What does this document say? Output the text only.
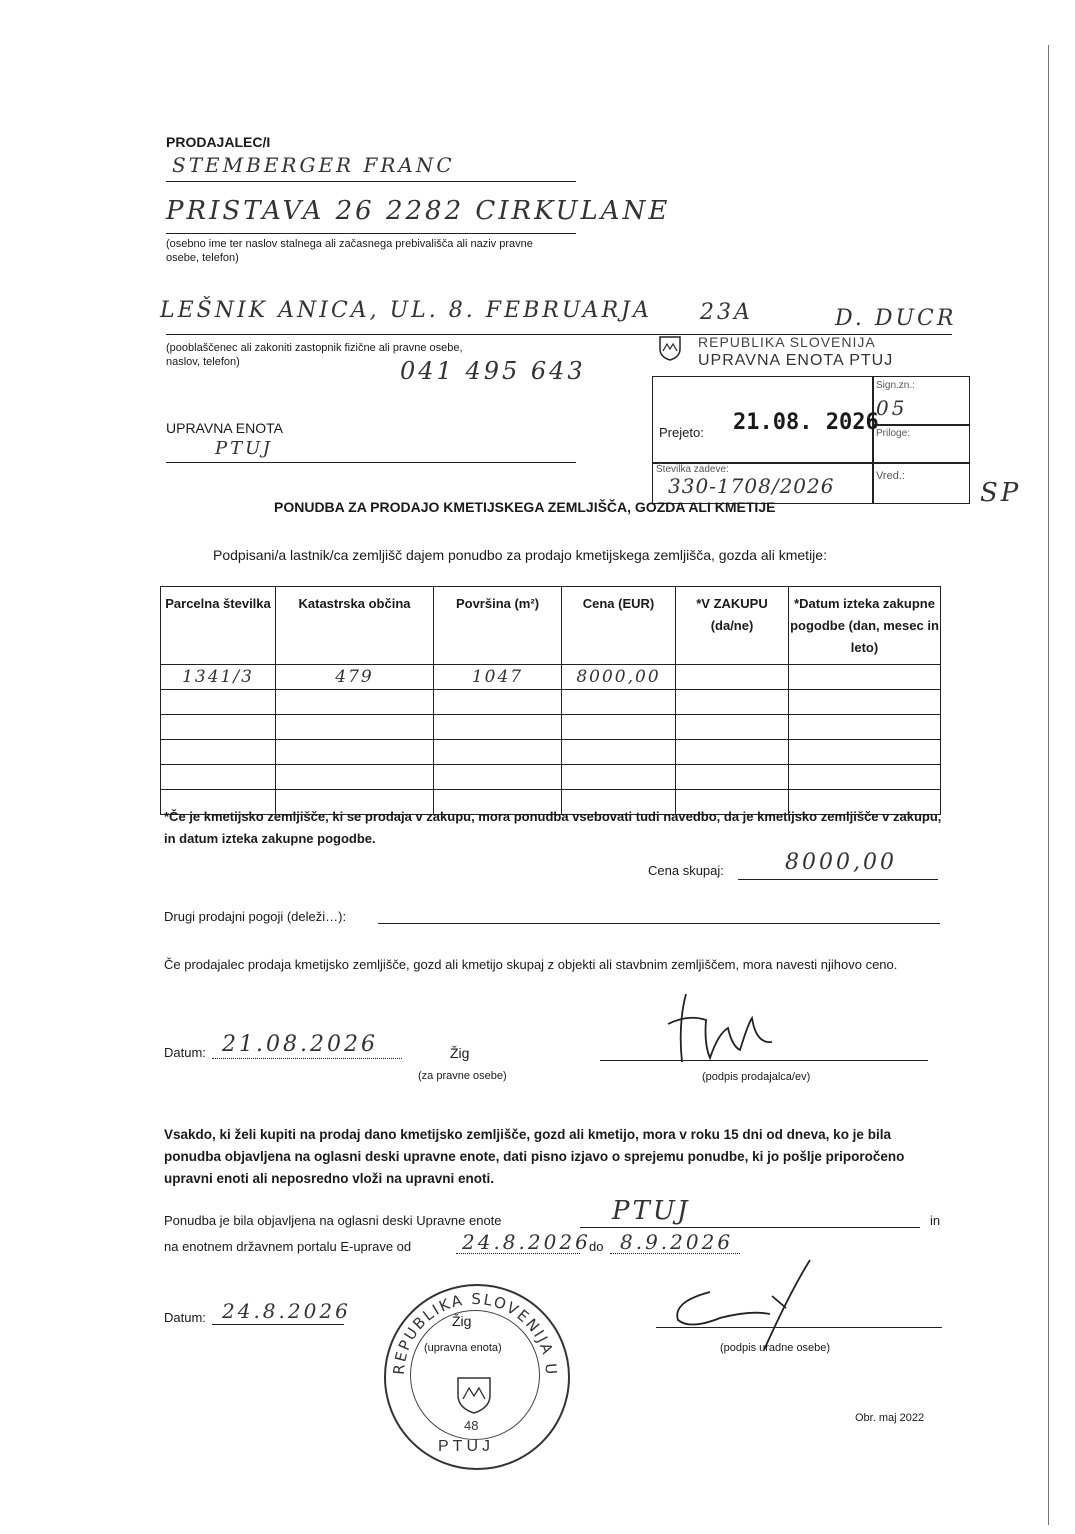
PRODAJALEC/I
STEMBERGER FRANC
PRISTAVA 26 2282 CIRKULANE
(osebno ime ter naslov stalnega ali začasnega prebivališča ali naziv pravne osebe, telefon)
LEŠNIK ANICA, UL. 8. FEBRUARJA 23A	D. DUCR
(pooblaščenec ali zakoniti zastopnik fizične ali pravne osebe, naslov, telefon)	041 495 643
REPUBLIKA SLOVENIJA
UPRAVNA ENOTA PTUJ
Prejeto: 21.08. 2026
Sign.zn.:
05
Priloge:
Številka zadeve:
330-1708/2026	Vred.:
SP
UPRAVNA ENOTA
PTUJ
PONUDBA ZA PRODAJO KMETIJSKEGA ZEMLJIŠČA, GOZDA ALI KMETIJE
Podpisani/a lastnik/ca zemljišč dajem ponudbo za prodajo kmetijskega zemljišča, gozda ali kmetije:
Parcelna številka	Katastrska občina	Površina (m²)	Cena (EUR)	*V ZAKUPU (da/ne)	*Datum izteka zakupne pogodbe (dan, mesec in leto)
1341/3	479	1047	8000,00		

*Če je kmetijsko zemljišče, ki se prodaja v zakupu, mora ponudba vsebovati tudi navedbo, da je kmetijsko zemljišče v zakupu, in datum izteka zakupne pogodbe.
Cena skupaj:	8000,00
Drugi prodajni pogoji (deleži…):
Če prodajalec prodaja kmetijsko zemljišče, gozd ali kmetijo skupaj z objekti ali stavbnim zemljiščem, mora navesti njihovo ceno.
Datum: 21.08.2026	Žig
(za pravne osebe)	(podpis prodajalca/ev)
Vsakdo, ki želi kupiti na prodaj dano kmetijsko zemljišče, gozd ali kmetijo, mora v roku 15 dni od dneva, ko je bila ponudba objavljena na oglasni deski upravne enote, dati pisno izjavo o sprejemu ponudbe, ki jo pošlje priporočeno upravni enoti ali neposredno vloži na upravni enoti.
Ponudba je bila objavljena na oglasni deski Upravne enote	PTUJ	in
na enotnem državnem portalu E-uprave od	24.8.2026
do 8.9.2026
Datum: 24.8.2026
REPUBLIKA SLOVENIJA U
48
PTUJ
Žig
(upravna enota)	(podpis uradne osebe)
Obr. maj 2022
